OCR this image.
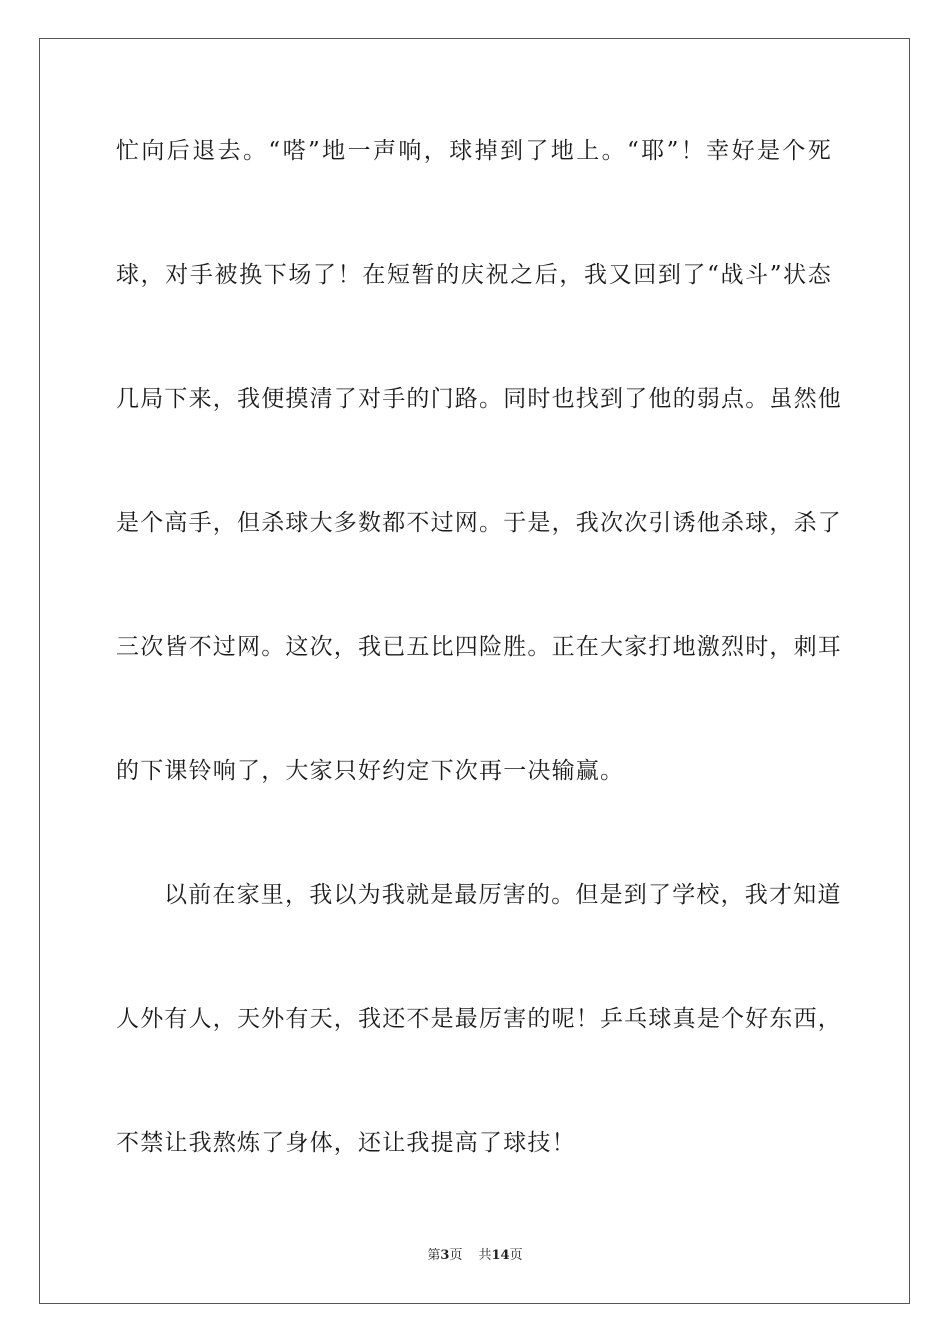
忙向后退去。“嗒”地一声响，球掉到了地上。“耶”！幸好是个死
球，对手被换下场了！在短暂的庆祝之后，我又回到了“战斗”状态
几局下来，我便摸清了对手的门路。同时也找到了他的弱点。虽然他
是个高手，但杀球大多数都不过网。于是，我次次引诱他杀球，杀了
三次皆不过网。这次，我已五比四险胜。正在大家打地激烈时，刺耳
的下课铃响了，大家只好约定下次再一决输赢。
以前在家里，我以为我就是最厉害的。但是到了学校，我才知道
人外有人，天外有天，我还不是最厉害的呢！乒乓球真是个好东西，
不禁让我熬炼了身体，还让我提高了球技！
第3页 共14页
